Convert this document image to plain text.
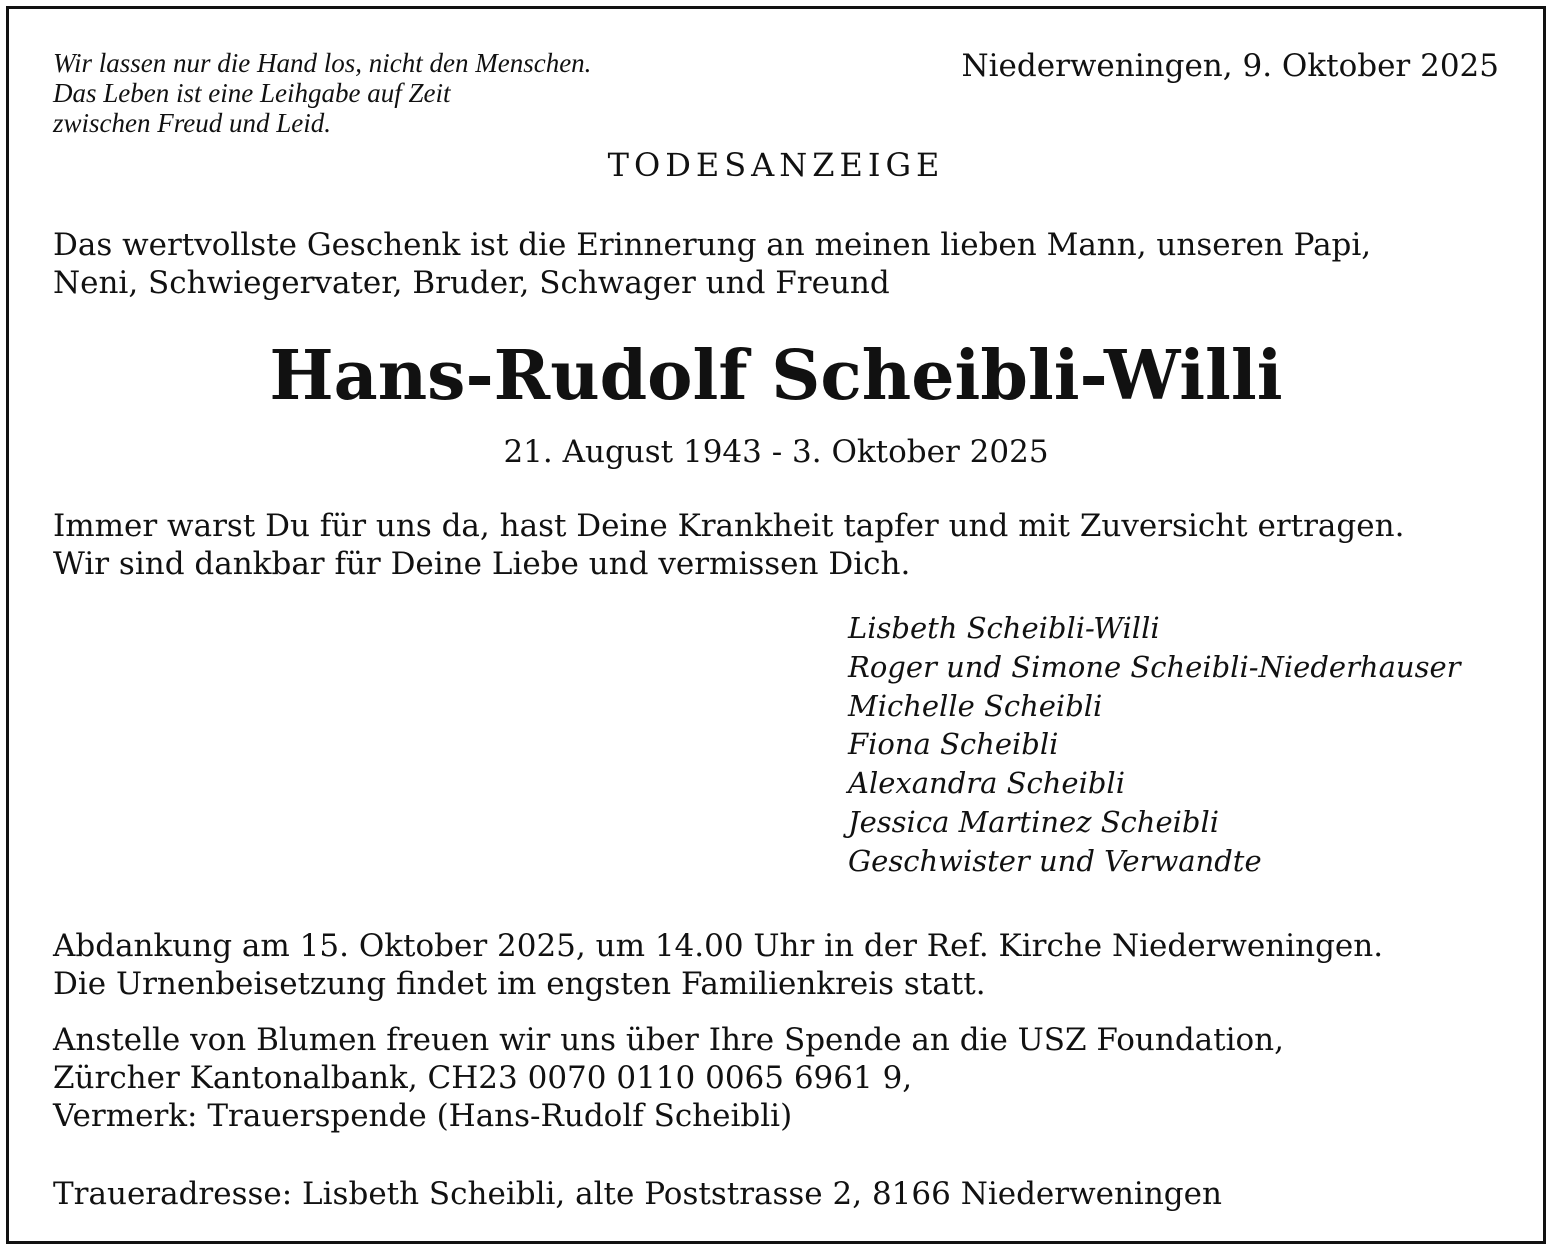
Wir lassen nur die Hand los, nicht den Menschen.
Das Leben ist eine Leihgabe auf Zeit
zwischen Freud und Leid.
Niederweningen, 9. Oktober 2025
TODESANZEIGE
Das wertvollste Geschenk ist die Erinnerung an meinen lieben Mann, unseren Papi,
Neni, Schwiegervater, Bruder, Schwager und Freund
Hans-Rudolf Scheibli-Willi
21. August 1943 - 3. Oktober 2025
Immer warst Du für uns da, hast Deine Krankheit tapfer und mit Zuversicht ertragen.
Wir sind dankbar für Deine Liebe und vermissen Dich.
Lisbeth Scheibli-Willi
Roger und Simone Scheibli-Niederhauser
Michelle Scheibli
Fiona Scheibli
Alexandra Scheibli
Jessica Martinez Scheibli
Geschwister und Verwandte
Abdankung am 15. Oktober 2025, um 14.00 Uhr in der Ref. Kirche Niederweningen.
Die Urnenbeisetzung findet im engsten Familienkreis statt.
Anstelle von Blumen freuen wir uns über Ihre Spende an die USZ Foundation,
Zürcher Kantonalbank, CH23 0070 0110 0065 6961 9,
Vermerk: Trauerspende (Hans-Rudolf Scheibli)
Traueradresse: Lisbeth Scheibli, alte Poststrasse 2, 8166 Niederweningen
